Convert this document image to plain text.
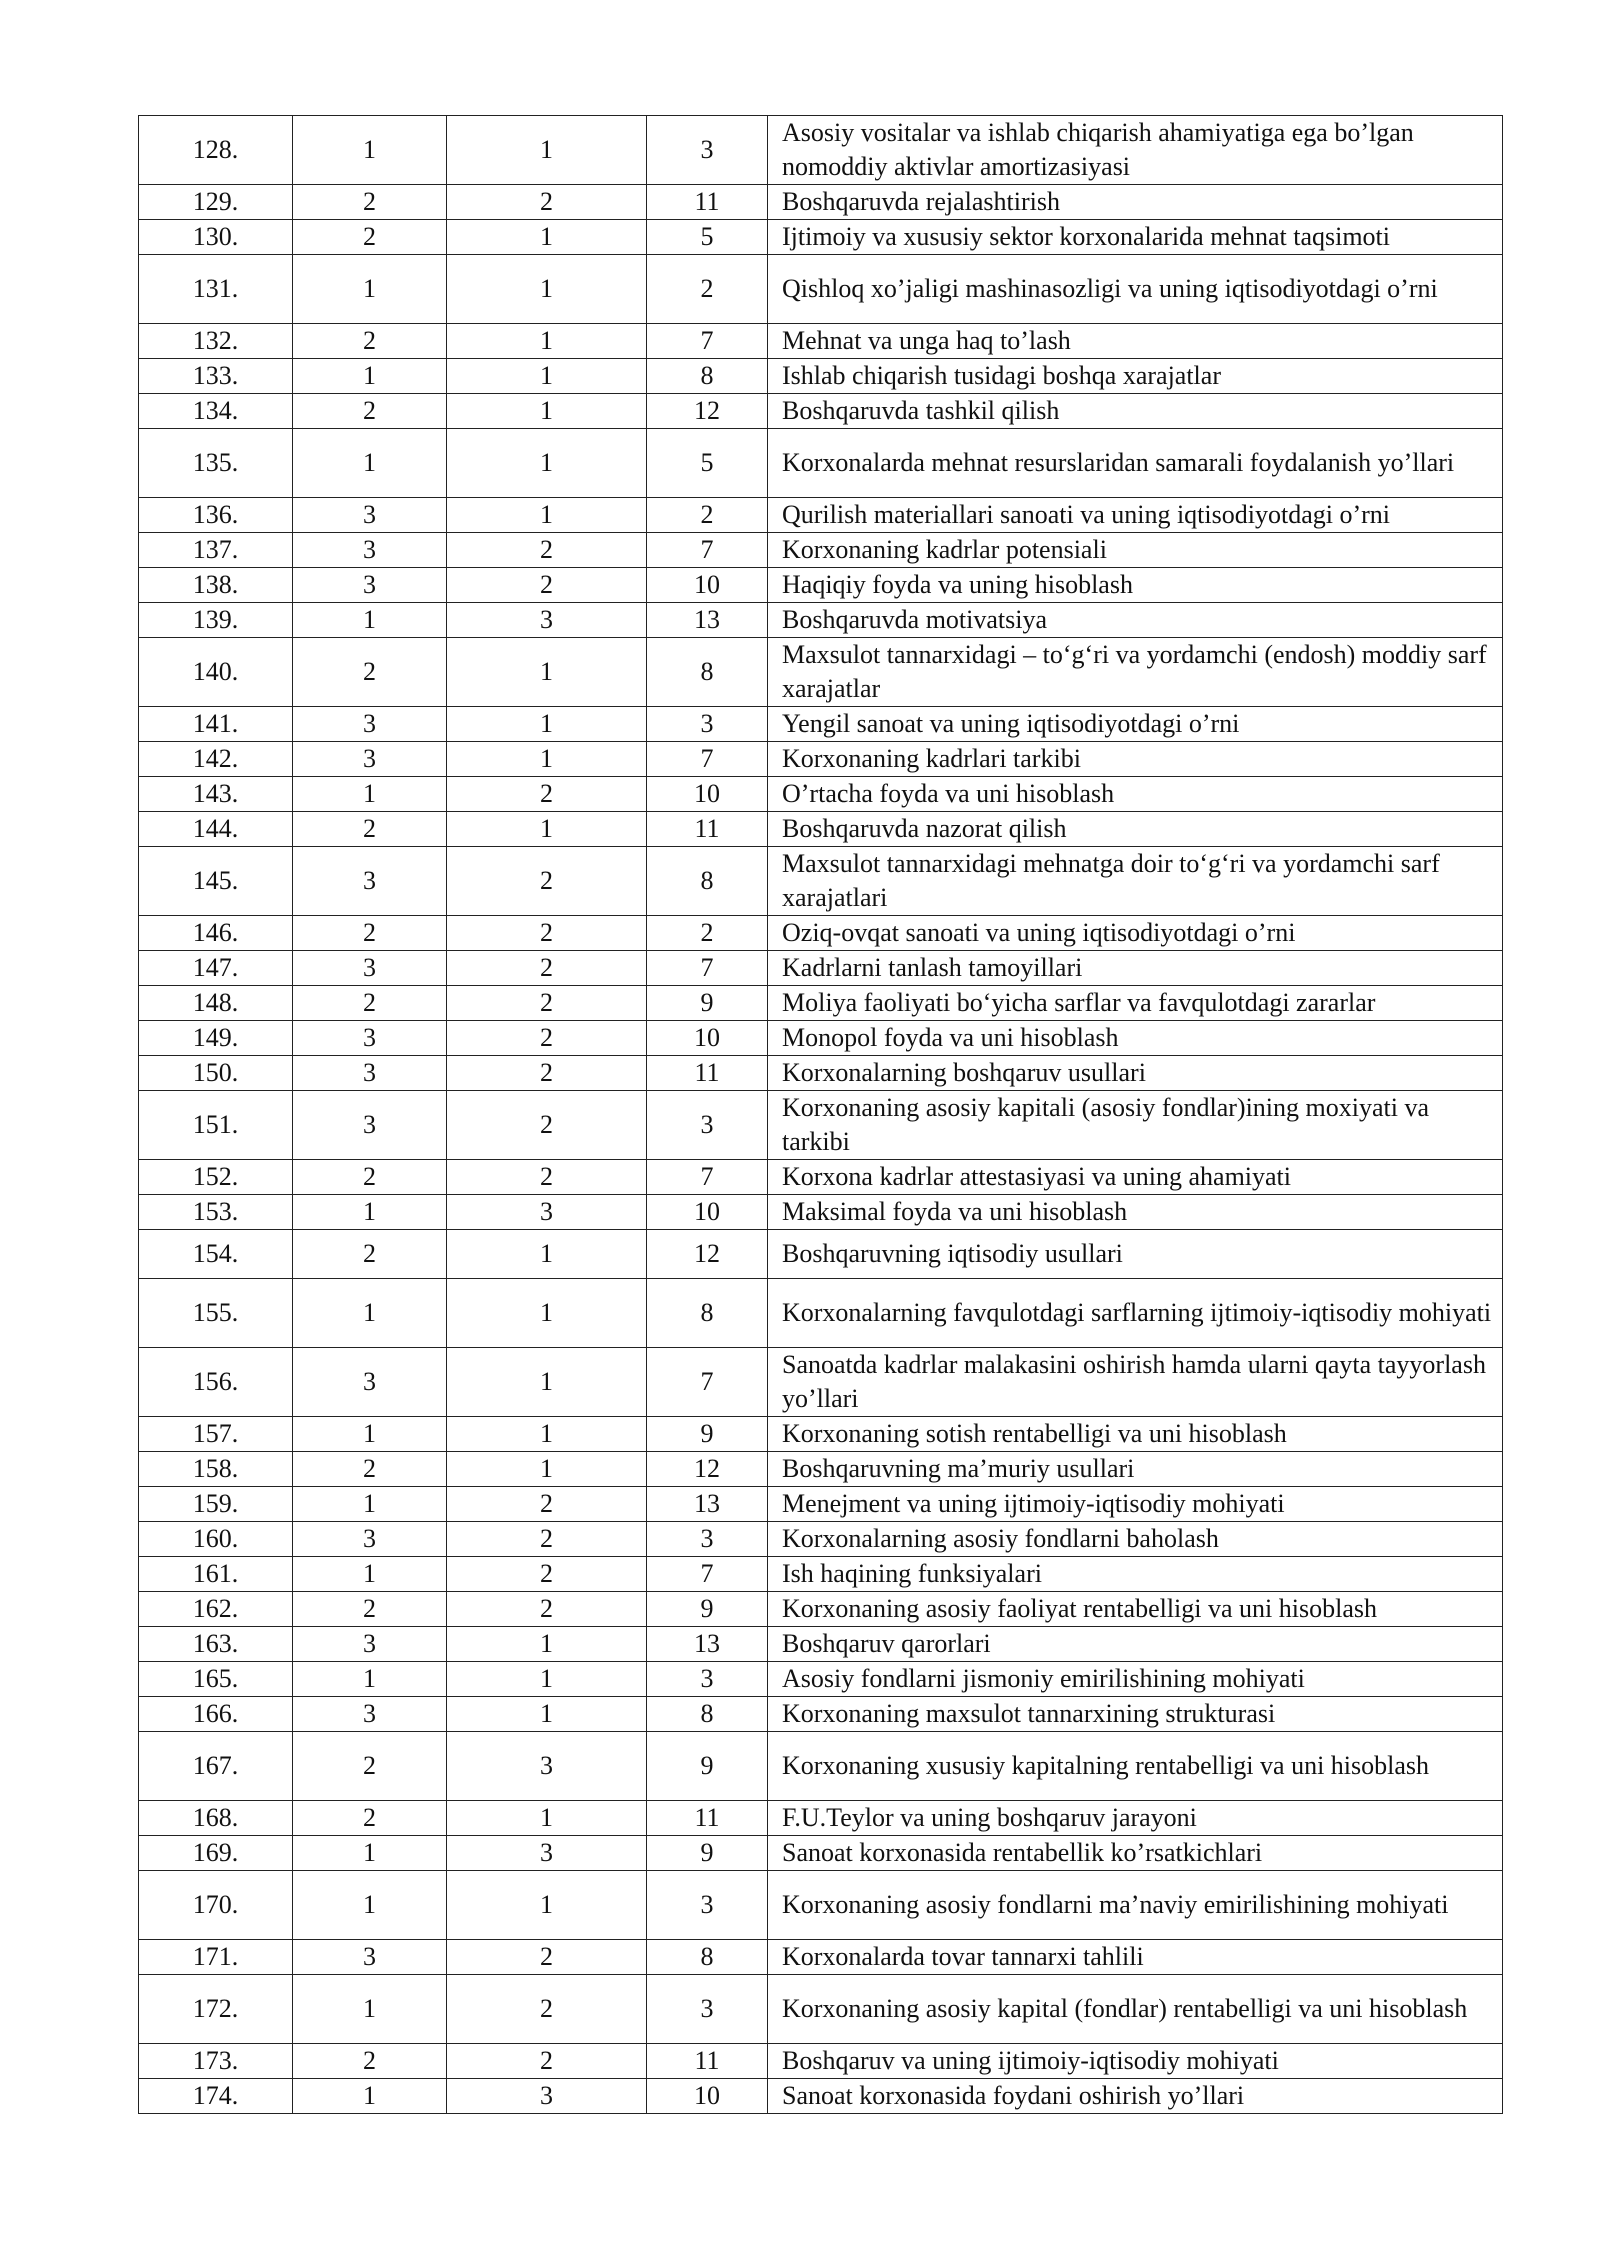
128.	1	1	3	Asosiy vositalar va ishlab chiqarish ahamiyatiga ega bo’lgan nomoddiy aktivlar amortizasiyasi
129.	2	2	11	Boshqaruvda rejalashtirish
130.	2	1	5	Ijtimoiy va xususiy sektor korxonalarida mehnat taqsimoti
131.	1	1	2	Qishloq xo’jaligi mashinasozligi va uning iqtisodiyotdagi o’rni
132.	2	1	7	Mehnat va unga haq to’lash
133.	1	1	8	Ishlab chiqarish tusidagi boshqa xarajatlar
134.	2	1	12	Boshqaruvda tashkil qilish
135.	1	1	5	Korxonalarda mehnat resurslaridan samarali foydalanish yo’llari
136.	3	1	2	Qurilish materiallari sanoati va uning iqtisodiyotdagi o’rni
137.	3	2	7	Korxonaning kadrlar potensiali
138.	3	2	10	Haqiqiy foyda va uning hisoblash
139.	1	3	13	Boshqaruvda motivatsiya
140.	2	1	8	Maxsulot tannarxidagi – to‘g‘ri va yordamchi (endosh) moddiy sarf xarajatlar
141.	3	1	3	Yengil sanoat va uning iqtisodiyotdagi o’rni
142.	3	1	7	Korxonaning kadrlari tarkibi
143.	1	2	10	O’rtacha foyda va uni hisoblash
144.	2	1	11	Boshqaruvda nazorat qilish
145.	3	2	8	Maxsulot tannarxidagi mehnatga doir to‘g‘ri va yordamchi sarf xarajatlari
146.	2	2	2	Oziq-ovqat sanoati va uning iqtisodiyotdagi o’rni
147.	3	2	7	Kadrlarni tanlash tamoyillari
148.	2	2	9	Moliya faoliyati bo‘yicha sarflar va favqulotdagi zararlar
149.	3	2	10	Monopol foyda va uni hisoblash
150.	3	2	11	Korxonalarning boshqaruv usullari
151.	3	2	3	Korxonaning asosiy kapitali (asosiy fondlar)ining moxiyati va tarkibi
152.	2	2	7	Korxona kadrlar attestasiyasi va uning ahamiyati
153.	1	3	10	Maksimal foyda va uni hisoblash
154.	2	1	12	Boshqaruvning iqtisodiy usullari
155.	1	1	8	Korxonalarning favqulotdagi sarflarning ijtimoiy-iqtisodiy mohiyati
156.	3	1	7	Sanoatda kadrlar malakasini oshirish hamda ularni qayta tayyorlash yo’llari
157.	1	1	9	Korxonaning sotish rentabelligi va uni hisoblash
158.	2	1	12	Boshqaruvning ma’muriy usullari
159.	1	2	13	Menejment va uning ijtimoiy-iqtisodiy mohiyati
160.	3	2	3	Korxonalarning asosiy fondlarni baholash
161.	1	2	7	Ish haqining funksiyalari
162.	2	2	9	Korxonaning asosiy faoliyat rentabelligi va uni hisoblash
163.	3	1	13	Boshqaruv qarorlari
165.	1	1	3	Asosiy fondlarni jismoniy emirilishining mohiyati
166.	3	1	8	Korxonaning maxsulot tannarxining strukturasi
167.	2	3	9	Korxonaning xususiy kapitalning rentabelligi va uni hisoblash
168.	2	1	11	F.U.Teylor va uning boshqaruv jarayoni
169.	1	3	9	Sanoat korxonasida rentabellik ko’rsatkichlari
170.	1	1	3	Korxonaning asosiy fondlarni ma’naviy emirilishining mohiyati
171.	3	2	8	Korxonalarda tovar tannarxi tahlili
172.	1	2	3	Korxonaning asosiy kapital (fondlar) rentabelligi va uni hisoblash
173.	2	2	11	Boshqaruv va uning ijtimoiy-iqtisodiy mohiyati
174.	1	3	10	Sanoat korxonasida foydani oshirish yo’llari
